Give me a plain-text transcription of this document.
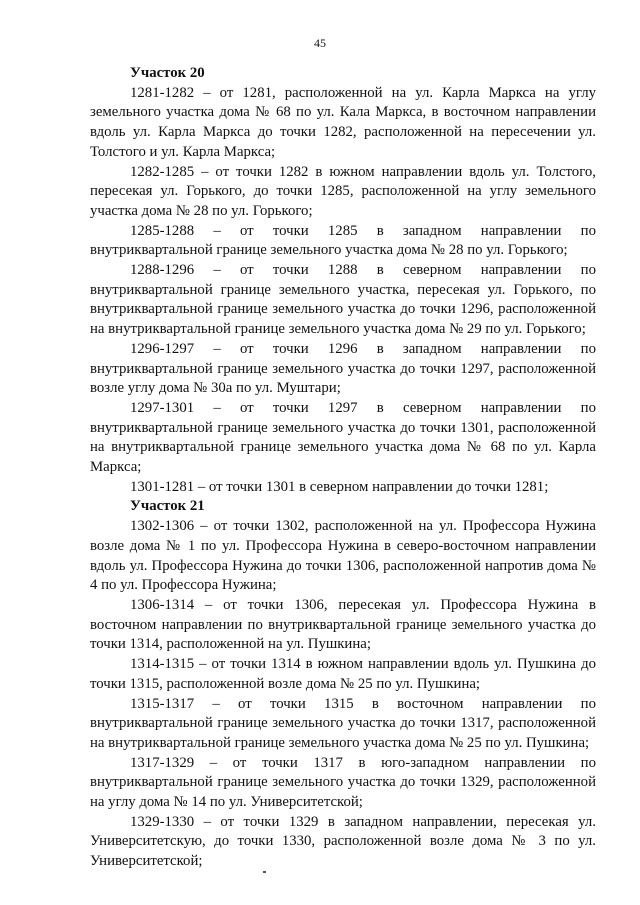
45

Участок 20

1281-1282 – от 1281, расположенной на ул. Карла Маркса на углу земельного участка дома № 68 по ул. Кала Маркса, в восточном направлении вдоль ул. Карла Маркса до точки 1282, расположенной на пересечении ул. Толстого и ул. Карла Маркса;

1282-1285 – от точки 1282 в южном направлении вдоль ул. Толстого, пересекая ул. Горького, до точки 1285, расположенной на углу земельного участка дома № 28 по ул. Горького;

1285-1288 – от точки 1285 в западном направлении по внутриквартальной границе земельного участка дома № 28 по ул. Горького;

1288-1296 – от точки 1288 в северном направлении по внутриквартальной границе земельного участка, пересекая ул. Горького, по внутриквартальной границе земельного участка до точки 1296, расположенной на внутриквартальной границе земельного участка дома № 29 по ул. Горького;

1296-1297 – от точки 1296 в западном направлении по внутриквартальной границе земельного участка до точки 1297, расположенной возле углу дома № 30а по ул. Муштари;

1297-1301 – от точки 1297 в северном направлении по внутриквартальной границе земельного участка до точки 1301, расположенной на внутриквартальной границе земельного участка дома № 68 по ул. Карла Маркса;

1301-1281 – от точки 1301 в северном направлении до точки 1281;

Участок 21

1302-1306 – от точки 1302, расположенной на ул. Профессора Нужина возле дома № 1 по ул. Профессора Нужина в северо-восточном направлении вдоль ул. Профессора Нужина до точки 1306, расположенной напротив дома № 4 по ул. Профессора Нужина;

1306-1314 – от точки 1306, пересекая ул. Профессора Нужина в восточном направлении по внутриквартальной границе земельного участка до точки 1314, расположенной на ул. Пушкина;

1314-1315 – от точки 1314 в южном направлении вдоль ул. Пушкина до точки 1315, расположенной возле дома № 25 по ул. Пушкина;

1315-1317 – от точки 1315 в восточном направлении по внутриквартальной границе земельного участка до точки 1317, расположенной на внутриквартальной границе земельного участка дома № 25 по ул. Пушкина;

1317-1329 – от точки 1317 в юго-западном направлении по внутриквартальной границе земельного участка до точки 1329, расположенной на углу дома № 14 по ул. Университетской;

1329-1330 – от точки 1329 в западном направлении, пересекая ул. Университетскую, до точки 1330, расположенной возле дома № 3 по ул. Университетской;
